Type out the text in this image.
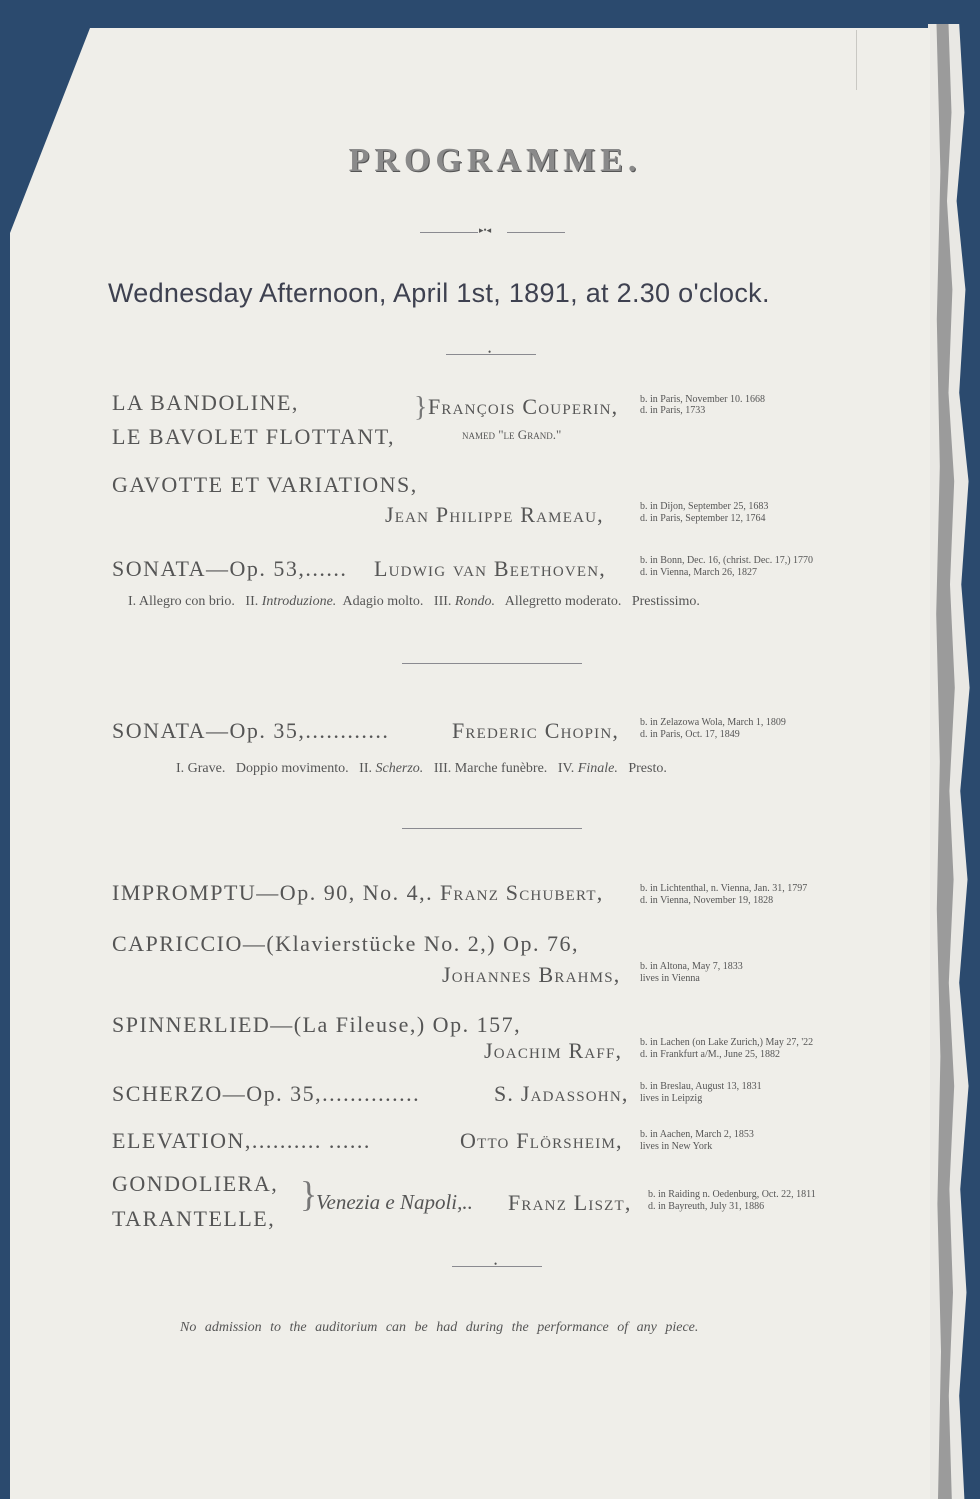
PROGRAMME.
▸•◂
Wednesday Afternoon, April 1st, 1891, at 2.30 o'clock.
•
LA BANDOLINE,
LE BAVOLET FLOTTANT,
} François Couperin, b. in Paris, November 10. 1668
d. in Paris, 1733
named "le Grand."
GAVOTTE ET VARIATIONS,
Jean Philippe Rameau,	b. in Dijon, September 25, 1683
d. in Paris, September 12, 1764
SONATA—Op. 53,...... Ludwig van Beethoven,	b. in Bonn, Dec. 16, (christ. Dec. 17,) 1770
d. in Vienna, March 26, 1827
I. Allegro con brio. II. Introduzione. Adagio molto. III. Rondo. Allegretto moderato. Prestissimo.
SONATA—Op. 35,............	Frederic Chopin, b. in Zelazowa Wola, March 1, 1809
d. in Paris, Oct. 17, 1849
I. Grave. Doppio movimento. II. Scherzo. III. Marche funèbre. IV. Finale. Presto.
IMPROMPTU—Op. 90, No. 4,. Franz Schubert,	b. in Lichtenthal, n. Vienna, Jan. 31, 1797
d. in Vienna, November 19, 1828
CAPRICCIO—(Klavierstücke No. 2,) Op. 76,
Johannes Brahms, b. in Altona, May 7, 1833
lives in Vienna
SPINNERLIED—(La Fileuse,) Op. 157,
Joachim Raff, b. in Lachen (on Lake Zurich,) May 27, '22
d. in Frankfurt a/M., June 25, 1882
SCHERZO—Op. 35,..............	S. Jadassohn, b. in Breslau, August 13, 1831
lives in Leipzig
ELEVATION,.......... ......	Otto Flörsheim, b. in Aachen, March 2, 1853
lives in New York
GONDOLIERA,
TARANTELLE,
}
Venezia e Napoli,.. Franz Liszt, b. in Raiding n. Oedenburg, Oct. 22, 1811
d. in Bayreuth, July 31, 1886
•
No admission to the auditorium can be had during the performance of any piece.
